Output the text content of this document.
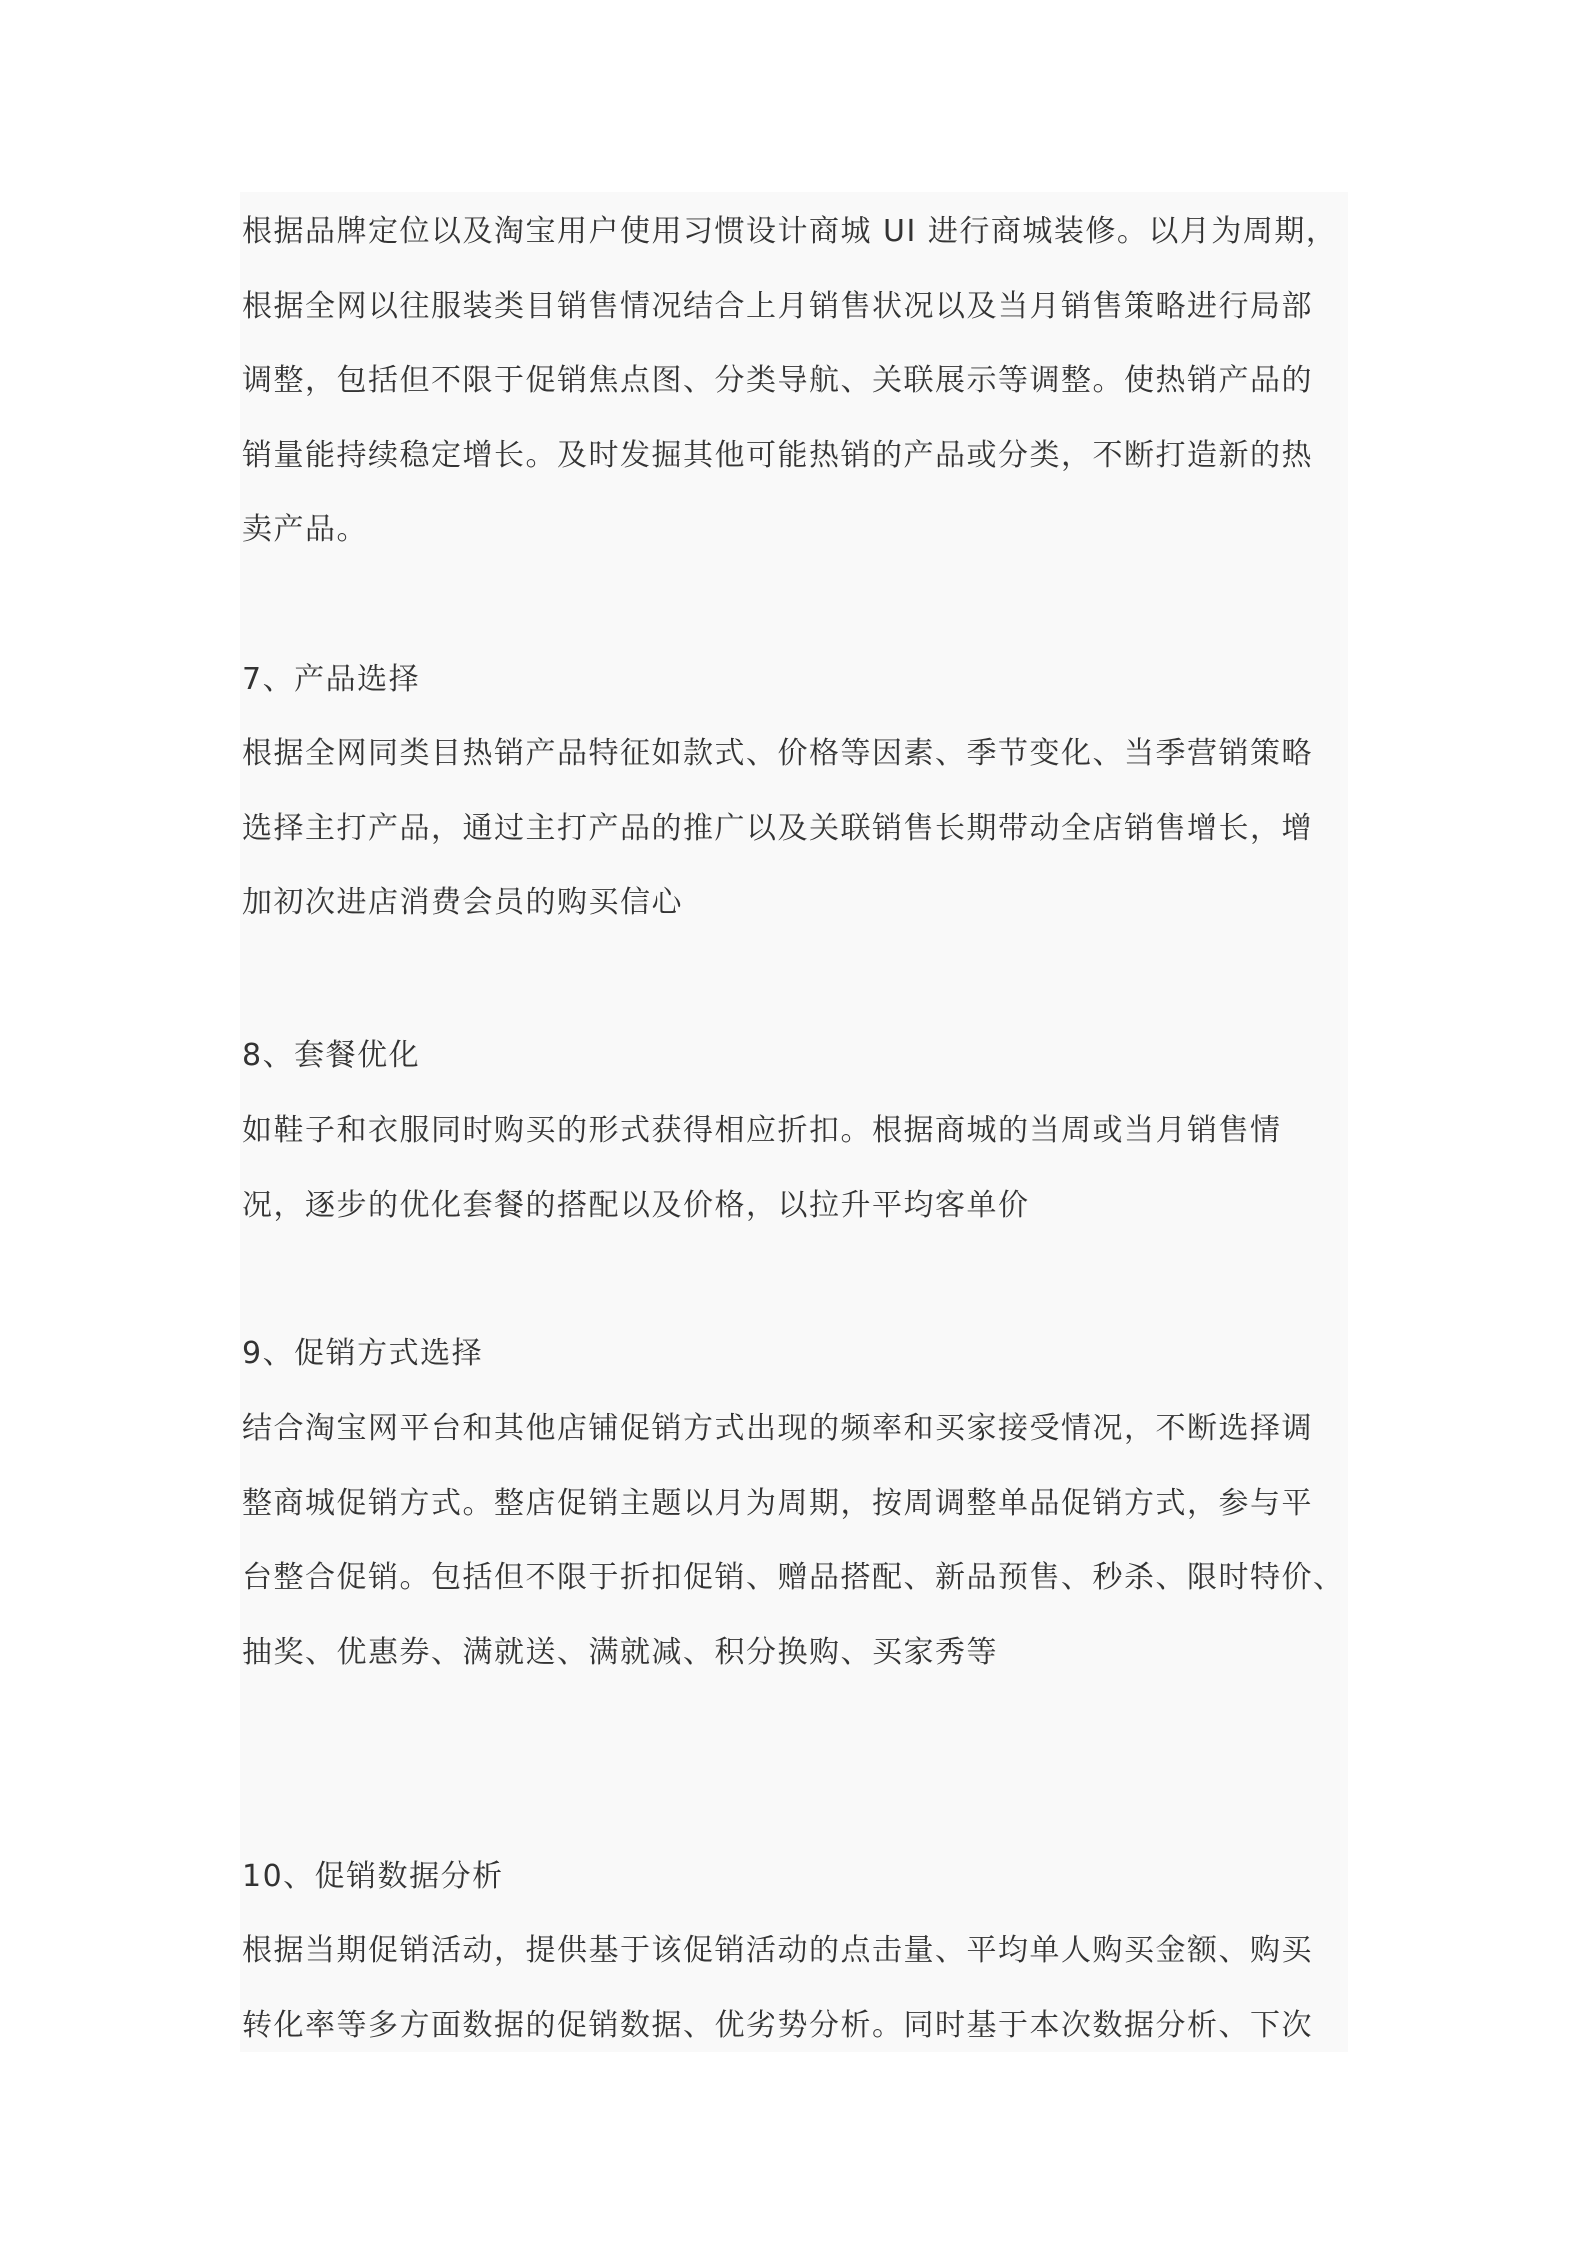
根据品牌定位以及淘宝用户使用习惯设计商城 UI 进行商城装修。以月为周期，
根据全网以往服装类目销售情况结合上月销售状况以及当月销售策略进行局部
调整，包括但不限于促销焦点图、分类导航、关联展示等调整。使热销产品的
销量能持续稳定增长。及时发掘其他可能热销的产品或分类，不断打造新的热
卖产品。
7、产品选择
根据全网同类目热销产品特征如款式、价格等因素、季节变化、当季营销策略
选择主打产品，通过主打产品的推广以及关联销售长期带动全店销售增长，增
加初次进店消费会员的购买信心
8、套餐优化
如鞋子和衣服同时购买的形式获得相应折扣。根据商城的当周或当月销售情
况，逐步的优化套餐的搭配以及价格，以拉升平均客单价
9、促销方式选择
结合淘宝网平台和其他店铺促销方式出现的频率和买家接受情况，不断选择调
整商城促销方式。整店促销主题以月为周期，按周调整单品促销方式，参与平
台整合促销。包括但不限于折扣促销、赠品搭配、新品预售、秒杀、限时特价、
抽奖、优惠券、满就送、满就减、积分换购、买家秀等
10、促销数据分析
根据当期促销活动，提供基于该促销活动的点击量、平均单人购买金额、购买
转化率等多方面数据的促销数据、优劣势分析。同时基于本次数据分析、下次
